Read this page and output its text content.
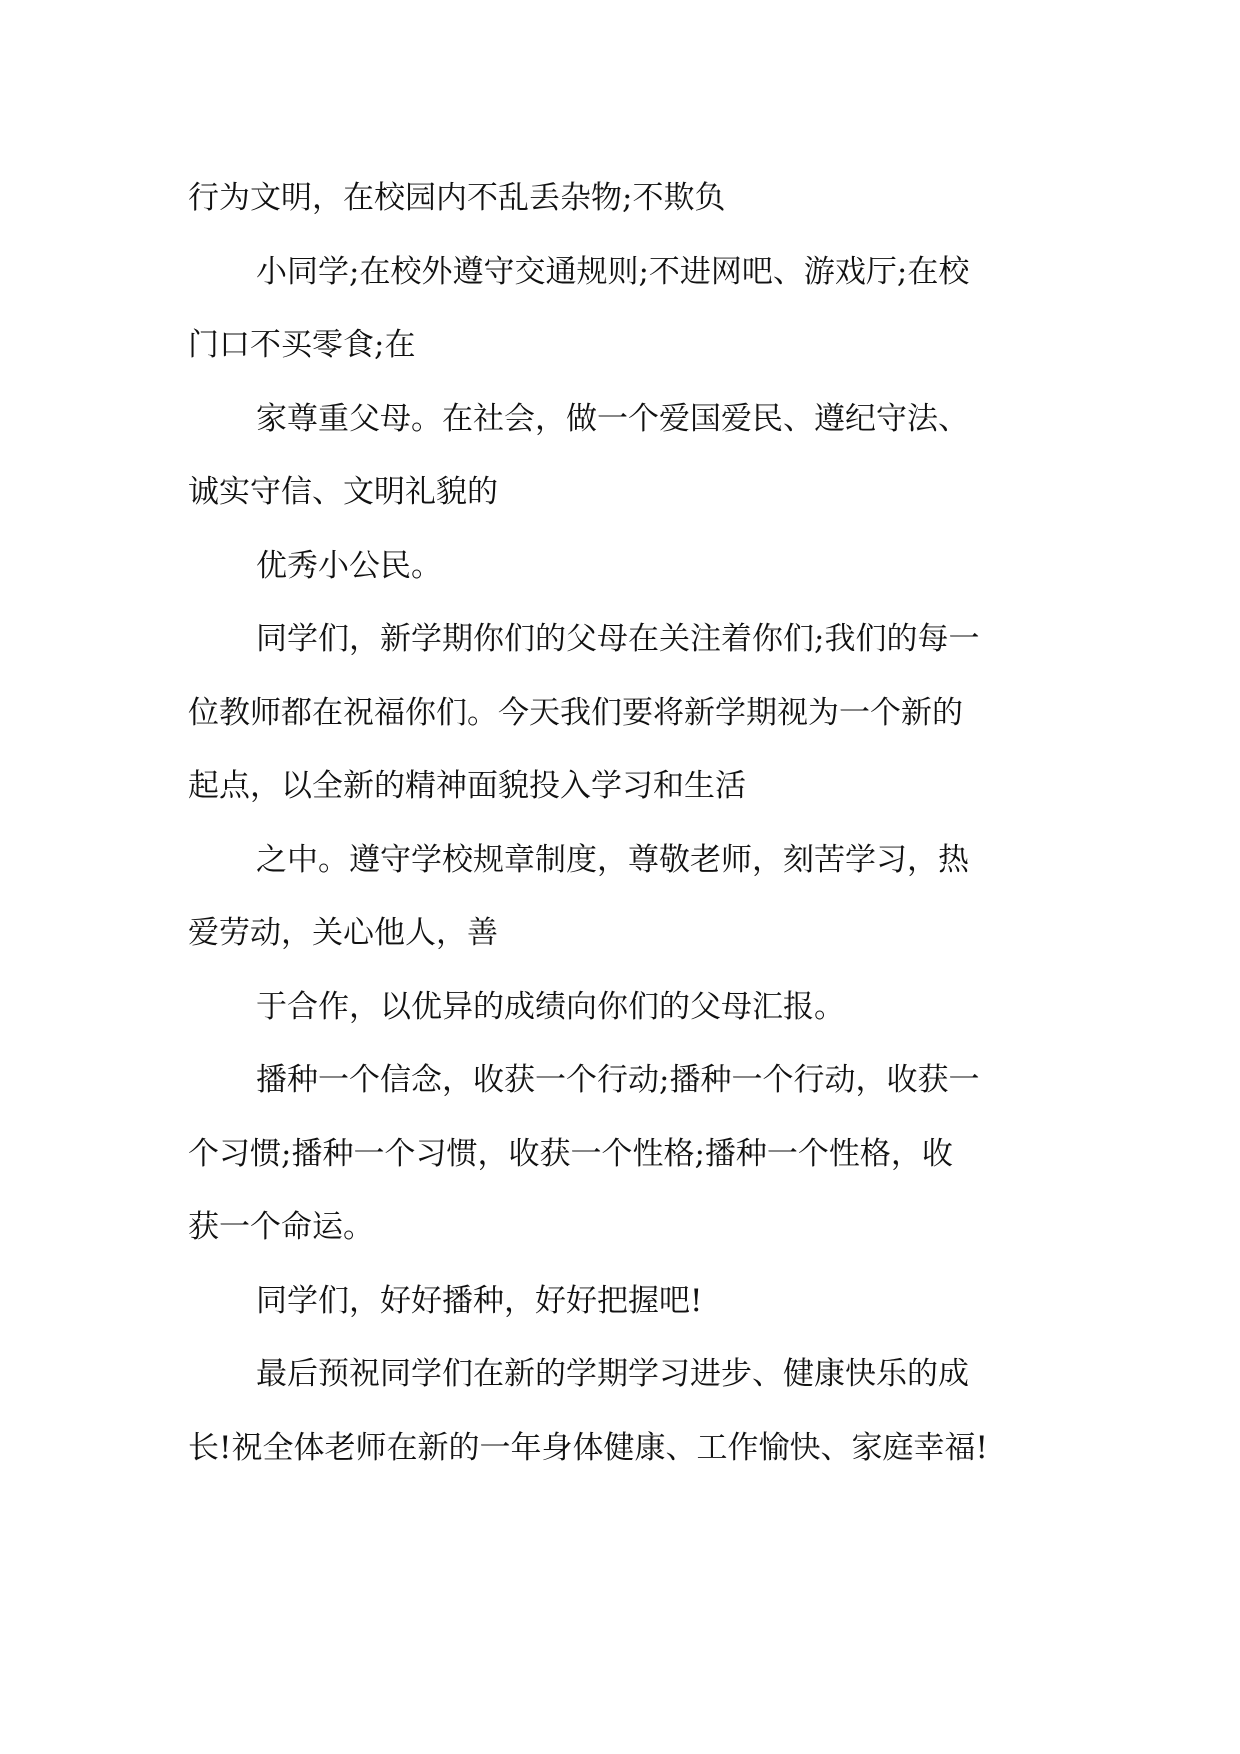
行为文明，在校园内不乱丢杂物;不欺负
小同学;在校外遵守交通规则;不进网吧、游戏厅;在校
门口不买零食;在
家尊重父母。在社会，做一个爱国爱民、遵纪守法、
诚实守信、文明礼貌的
优秀小公民。
同学们，新学期你们的父母在关注着你们;我们的每一
位教师都在祝福你们。今天我们要将新学期视为一个新的
起点，以全新的精神面貌投入学习和生活
之中。遵守学校规章制度，尊敬老师，刻苦学习，热
爱劳动，关心他人，善
于合作，以优异的成绩向你们的父母汇报。
播种一个信念，收获一个行动;播种一个行动，收获一
个习惯;播种一个习惯，收获一个性格;播种一个性格，收
获一个命运。
同学们，好好播种，好好把握吧!
最后预祝同学们在新的学期学习进步、健康快乐的成
长!祝全体老师在新的一年身体健康、工作愉快、家庭幸福!
